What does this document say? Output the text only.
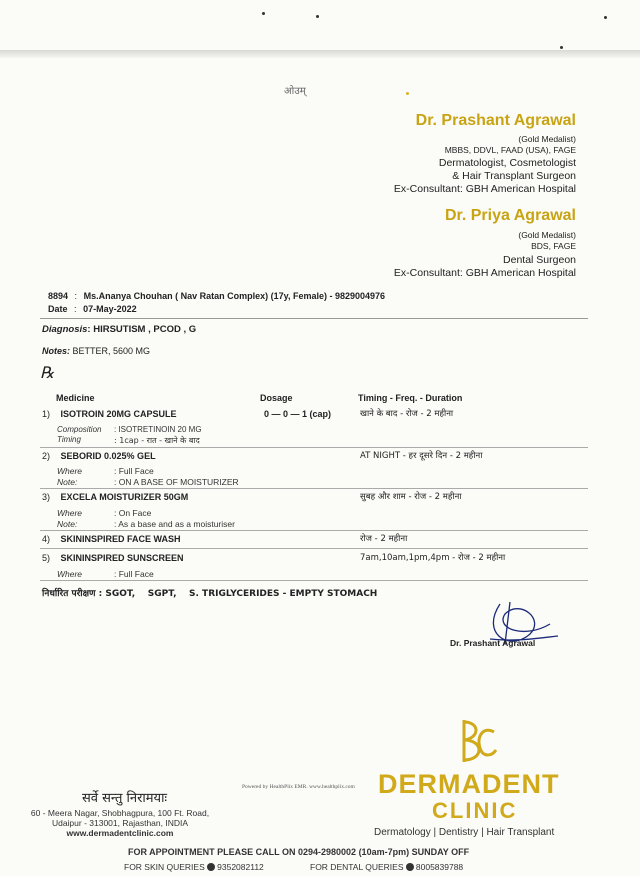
ओउम्
Dr. Prashant Agrawal
(Gold Medalist)
MBBS, DDVL, FAAD (USA), FAGE
Dermatologist, Cosmetologist
& Hair Transplant Surgeon
Ex-Consultant: GBH American Hospital
Dr. Priya Agrawal
(Gold Medalist)
BDS, FAGE
Dental Surgeon
Ex-Consultant: GBH American Hospital
8894 : Ms.Ananya Chouhan ( Nav Ratan Complex) (17y, Female) - 9829004976
Date : 07-May-2022
Diagnosis: HIRSUTISM , PCOD , G
Notes: BETTER, 5600 MG
℞
Medicine	Dosage	Timing - Freq. - Duration
1) ISOTROIN 20MG CAPSULE	0 — 0 — 1 (cap)	खाने के बाद - रोज - 2 महीना
Composition : ISOTRETINOIN 20 MG
Timing	: 1cap - रात - खाने के बाद
2) SEBORID 0.025% GEL	AT NIGHT - हर दूसरे दिन - 2 महीना
Where	: Full Face
Note:	: ON A BASE OF MOISTURIZER
3) EXCELA MOISTURIZER 50GM	सुबह और शाम - रोज - 2 महीना
Where	: On Face
Note:	: As a base and as a moisturiser
4) SKININSPIRED FACE WASH	रोज - 2 महीना
5) SKININSPIRED SUNSCREEN	7am,10am,1pm,4pm - रोज - 2 महीना
Where	: Full Face
निर्धारित परीक्षण : SGOT,    SGPT,    S. TRIGLYCERIDES - EMPTY STOMACH
Dr. Prashant Agrawal
DERMADENT
CLINIC
Dermatology | Dentistry | Hair Transplant
Powered by HealthPlix EMR. www.healthplix.com
सर्वे सन्तु निरामयाः
60 - Meera Nagar, Shobhagpura, 100 Ft. Road,
Udaipur - 313001, Rajasthan, INDIA
www.dermadentclinic.com
FOR APPOINTMENT PLEASE CALL ON 0294-2980002 (10am-7pm) SUNDAY OFF
FOR SKIN QUERIES 9352082112	FOR DENTAL QUERIES 8005839788
